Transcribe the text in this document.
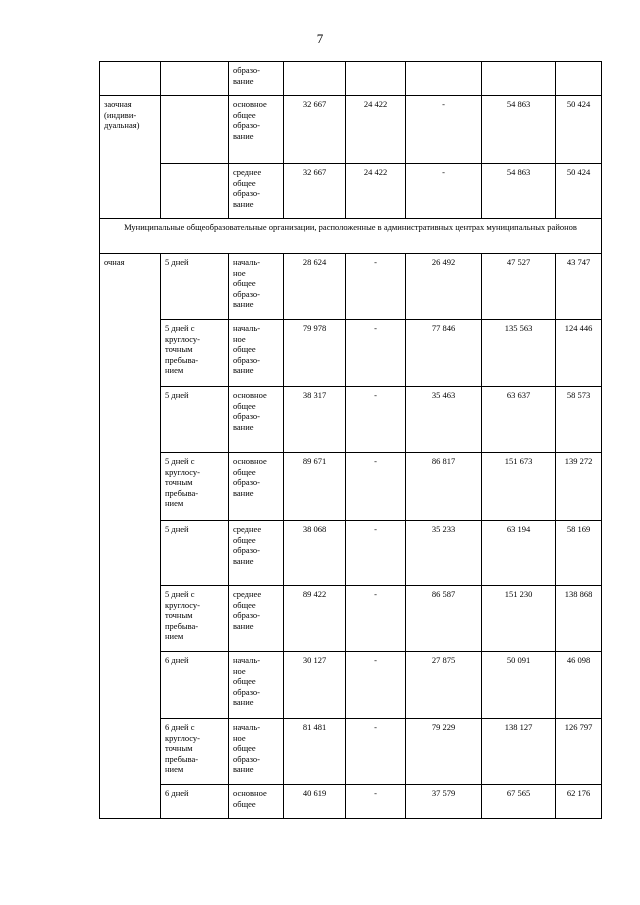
7
		образо-
вание					
заочная
(индиви-
дуальная)		основное
общее
образо-
вание	32 667	24 422	-	54 863	50 424
		среднее
общее
образо-
вание	32 667	24 422	-	54 863	50 424
Муниципальные общеобразовательные организации, расположенные в административных центрах муниципальных районов							
очная	5 дней	началь-
ное
общее
образо-
вание	28 624	-	26 492	47 527	43 747
	5 дней с
круглосу-
точным
пребыва-
нием	началь-
ное
общее
образо-
вание	79 978	-	77 846	135 563	124 446
	5 дней	основное
общее
образо-
вание	38 317	-	35 463	63 637	58 573
	5 дней с
круглосу-
точным
пребыва-
нием	основное
общее
образо-
вание	89 671	-	86 817	151 673	139 272
	5 дней	среднее
общее
образо-
вание	38 068	-	35 233	63 194	58 169
	5 дней с
круглосу-
точным
пребыва-
нием	среднее
общее
образо-
вание	89 422	-	86 587	151 230	138 868
	6 дней	началь-
ное
общее
образо-
вание	30 127	-	27 875	50 091	46 098
	6 дней с
круглосу-
точным
пребыва-
нием	началь-
ное
общее
образо-
вание	81 481	-	79 229	138 127	126 797
	6 дней	основное
общее	40 619	-	37 579	67 565	62 176
